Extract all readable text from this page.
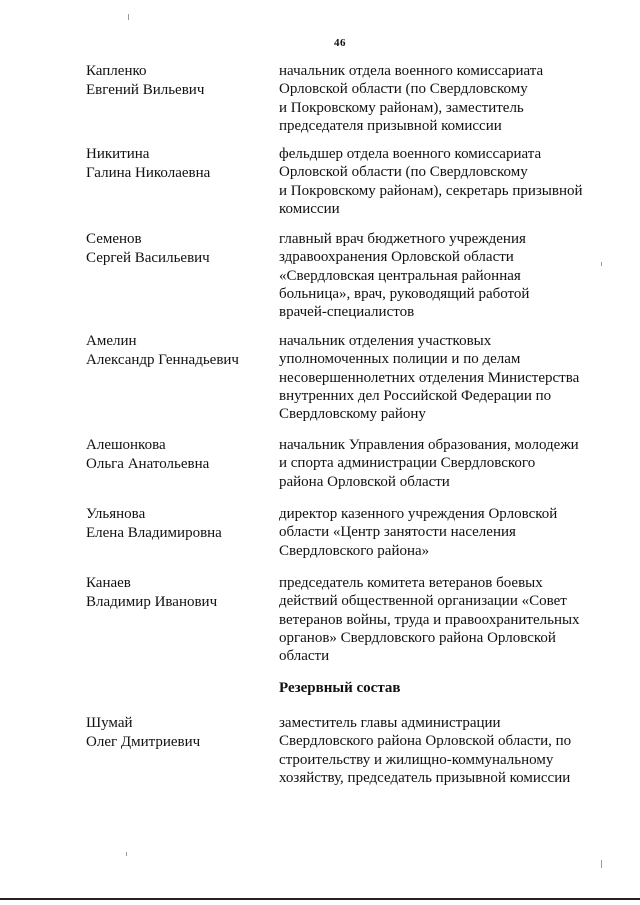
46
Капленко
Евгений Вильевич
начальник отдела военного комиссариата
Орловской области (по Свердловскому
и Покровскому районам), заместитель
председателя призывной комиссии
Никитина
Галина Николаевна
фельдшер отдела военного комиссариата
Орловской области (по Свердловскому
и Покровскому районам), секретарь призывной
комиссии
Семенов
Сергей Васильевич
главный врач бюджетного учреждения
здравоохранения Орловской области
«Свердловская центральная районная
больница», врач, руководящий работой
врачей-специалистов
Амелин
Александр Геннадьевич
начальник отделения участковых
уполномоченных полиции и по делам
несовершеннолетних отделения Министерства
внутренних дел Российской Федерации по
Свердловскому району
Алешонкова
Ольга Анатольевна
начальник Управления образования, молодежи
и спорта администрации Свердловского
района Орловской области
Ульянова
Елена Владимировна
директор казенного учреждения Орловской
области «Центр занятости населения
Свердловского района»
Канаев
Владимир Иванович
председатель комитета ветеранов боевых
действий общественной организации «Совет
ветеранов войны, труда и правоохранительных
органов» Свердловского района Орловской
области
Резервный состав
Шумай
Олег Дмитриевич
заместитель главы администрации
Свердловского района Орловской области, по
строительству и жилищно-коммунальному
хозяйству, председатель призывной комиссии
